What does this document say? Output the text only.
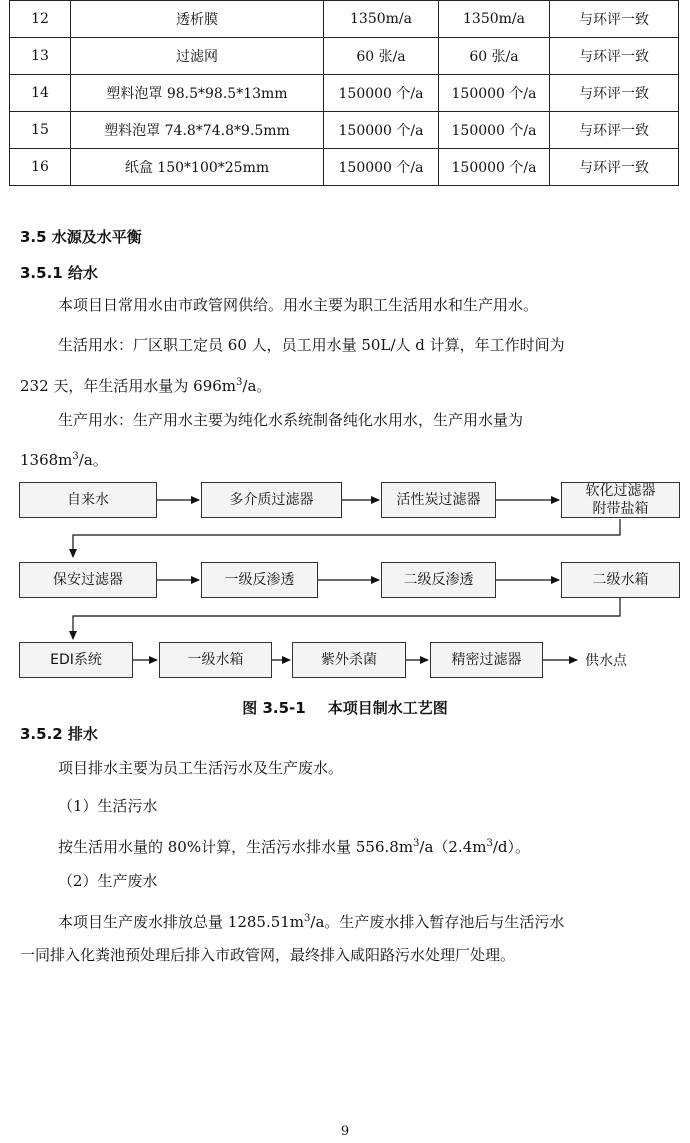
12	透析膜	1350m/a	1350m/a	与环评一致
13	过滤网	60 张/a	60 张/a	与环评一致
14	塑料泡罩 98.5*98.5*13mm	150000 个/a	150000 个/a	与环评一致
15	塑料泡罩 74.8*74.8*9.5mm	150000 个/a	150000 个/a	与环评一致
16	纸盒 150*100*25mm	150000 个/a	150000 个/a	与环评一致
3.5 水源及水平衡
3.5.1 给水
本项目日常用水由市政管网供给。用水主要为职工生活用水和生产用水。
生活用水：厂区职工定员 60 人，员工用水量 50L/人 d 计算，年工作时间为
232 天，年生活用水量为 $696m^3/a$。
生产用水：生产用水主要为纯化水系统制备纯化水用水，生产用水量为
$1368m^3/a$。
自来水	多介质过滤器	活性炭过滤器
软化过滤器
附带盐箱
保安过滤器	一级反渗透	二级反渗透	二级水箱
EDI系统	一级水箱	紫外杀菌	精密过滤器	供水点
图 3.5-1 本项目制水工艺图
3.5.2 排水
项目排水主要为员工生活污水及生产废水。
（1）生活污水
按生活用水量的 80%计算，生活污水排水量 $556.8m^3/a(2.4m^3/d)$。
（2）生产废水
本项目生产废水排放总量 $1285.51m^3/a$。生产废水排入暂存池后与生活污水
一同排入化粪池预处理后排入市政管网，最终排入咸阳路污水处理厂处理。
9
